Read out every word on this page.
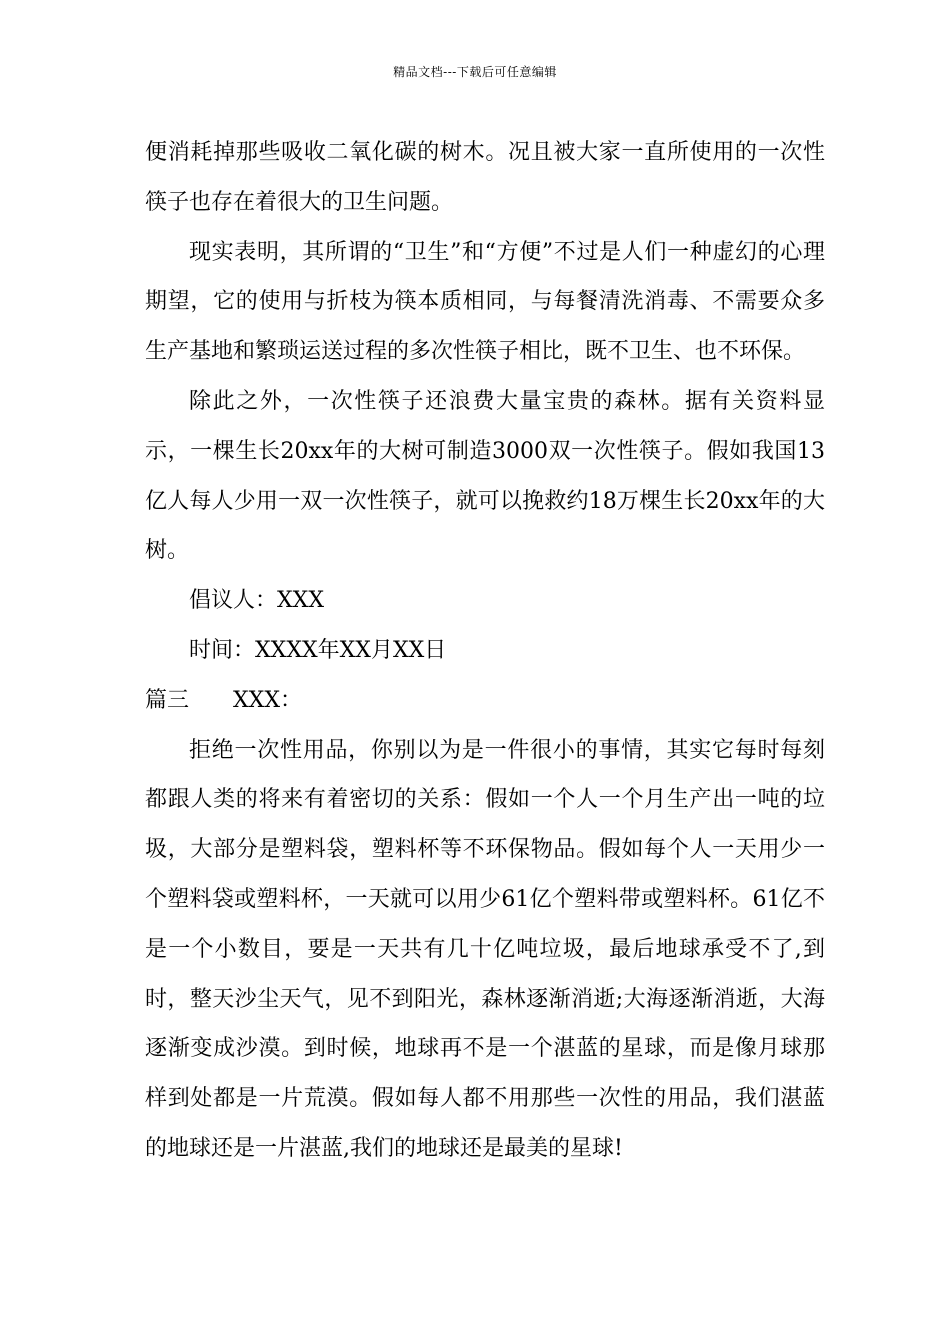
精品文档---下载后可任意编辑

便消耗掉那些吸收二氧化碳的树木。况且被大家一直所使用的一次性筷子也存在着很大的卫生问题。

现实表明，其所谓的“卫生”和“方便”不过是人们一种虚幻的心理期望，它的使用与折枝为筷本质相同，与每餐清洗消毒、不需要众多生产基地和繁琐运送过程的多次性筷子相比，既不卫生、也不环保。

除此之外，一次性筷子还浪费大量宝贵的森林。据有关资料显示，一棵生长20xx年的大树可制造3000双一次性筷子。假如我国13亿人每人少用一双一次性筷子，就可以挽救约18万棵生长20xx年的大树。

倡议人：XXX

时间：XXXX年XX月XX日

篇三 XXX：

拒绝一次性用品，你别以为是一件很小的事情，其实它每时每刻都跟人类的将来有着密切的关系：假如一个人一个月生产出一吨的垃圾，大部分是塑料袋，塑料杯等不环保物品。假如每个人一天用少一个塑料袋或塑料杯，一天就可以用少61亿个塑料带或塑料杯。61亿不是一个小数目，要是一天共有几十亿吨垃圾，最后地球承受不了,到时，整天沙尘天气，见不到阳光，森林逐渐消逝;大海逐渐消逝，大海逐渐变成沙漠。到时候，地球再不是一个湛蓝的星球，而是像月球那样到处都是一片荒漠。假如每人都不用那些一次性的用品，我们湛蓝的地球还是一片湛蓝,我们的地球还是最美的星球!
